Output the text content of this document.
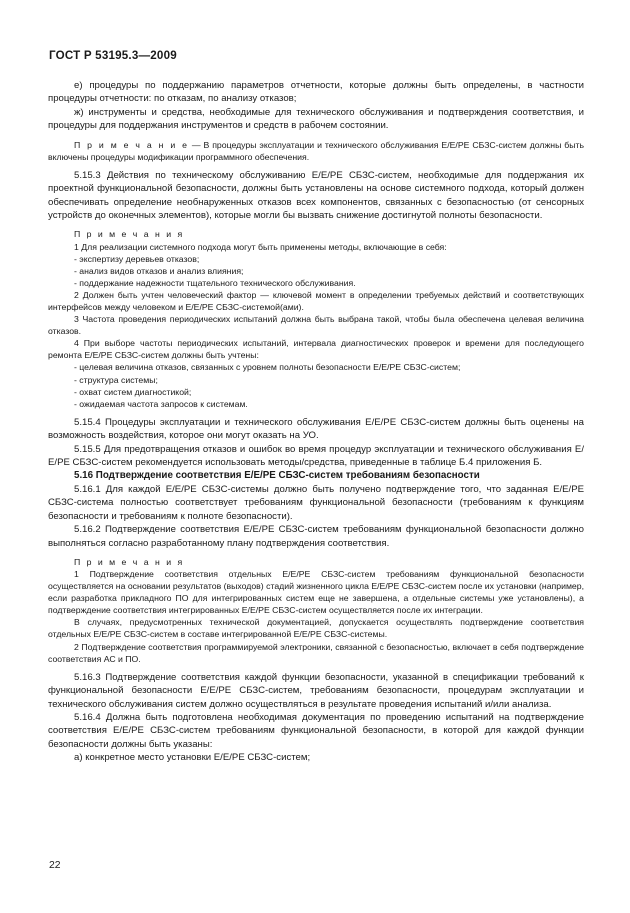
ГОСТ Р 53195.3—2009

е) процедуры по поддержанию параметров отчетности, которые должны быть определены, в частности процедуры отчетности: по отказам, по анализу отказов;

ж) инструменты и средства, необходимые для технического обслуживания и подтверждения соответствия, и процедуры для поддержания инструментов и средств в рабочем состоянии.

П р и м е ч а н и е — В процедуры эксплуатации и технического обслуживания Е/Е/РЕ СБЗС-систем должны быть включены процедуры модификации программного обеспечения.

5.15.3 Действия по техническому обслуживанию Е/Е/РЕ СБЗС-систем, необходимые для поддержания их проектной функциональной безопасности, должны быть установлены на основе системного подхода, который должен обеспечивать определение необнаруженных отказов всех компонентов, связанных с безопасностью (от сенсорных устройств до оконечных элементов), которые могли бы вызвать снижение достигнутой полноты безопасности.

П р и м е ч а н и я

1 Для реализации системного подхода могут быть применены методы, включающие в себя:

- экспертизу деревьев отказов;

- анализ видов отказов и анализ влияния;

- поддержание надежности тщательного технического обслуживания.

2 Должен быть учтен человеческий фактор — ключевой момент в определении требуемых действий и соответствующих интерфейсов между человеком и Е/Е/РЕ СБЗС-системой(ами).

3 Частота проведения периодических испытаний должна быть выбрана такой, чтобы была обеспечена целевая величина отказов.

4 При выборе частоты периодических испытаний, интервала диагностических проверок и времени для последующего ремонта Е/Е/РЕ СБЗС-систем должны быть учтены:

- целевая величина отказов, связанных с уровнем полноты безопасности Е/Е/РЕ СБЗС-систем;

- структура системы;

- охват систем диагностикой;

- ожидаемая частота запросов к системам.

5.15.4 Процедуры эксплуатации и технического обслуживания Е/Е/РЕ СБЗС-систем должны быть оценены на возможность воздействия, которое они могут оказать на УО.

5.15.5 Для предотвращения отказов и ошибок во время процедур эксплуатации и технического обслуживания Е/Е/РЕ СБЗС-систем рекомендуется использовать методы/средства, приведенные в таблице Б.4 приложения Б.

5.16 Подтверждение соответствия Е/Е/РЕ СБЗС-систем требованиям безопасности

5.16.1 Для каждой Е/Е/РЕ СБЗС-системы должно быть получено подтверждение того, что заданная Е/Е/РЕ СБЗС-система полностью соответствует требованиям функциональной безопасности (требованиям к функциям безопасности и требованиям к полноте безопасности).

5.16.2 Подтверждение соответствия Е/Е/РЕ СБЗС-систем требованиям функциональной безопасности должно выполняться согласно разработанному плану подтверждения соответствия.

П р и м е ч а н и я

1 Подтверждение соответствия отдельных Е/Е/РЕ СБЗС-систем требованиям функциональной безопасности осуществляется на основании результатов (выходов) стадий жизненного цикла Е/Е/РЕ СБЗС-систем после их установки (например, если разработка прикладного ПО для интегрированных систем еще не завершена, а отдельные системы уже установлены), а подтверждение соответствия интегрированных Е/Е/РЕ СБЗС-систем осуществляется после их интеграции.

В случаях, предусмотренных технической документацией, допускается осуществлять подтверждение соответствия отдельных Е/Е/РЕ СБЗС-систем в составе интегрированной Е/Е/РЕ СБЗС-системы.

2 Подтверждение соответствия программируемой электроники, связанной с безопасностью, включает в себя подтверждение соответствия АС и ПО.

5.16.3 Подтверждение соответствия каждой функции безопасности, указанной в спецификации требований к функциональной безопасности Е/Е/РЕ СБЗС-систем, требованиям безопасности, процедурам эксплуатации и технического обслуживания систем должно осуществляться в результате проведения испытаний и/или анализа.

5.16.4 Должна быть подготовлена необходимая документация по проведению испытаний на подтверждение соответствия Е/Е/РЕ СБЗС-систем требованиям функциональной безопасности, в которой для каждой функции безопасности должны быть указаны:

а) конкретное место установки Е/Е/РЕ СБЗС-систем;

22
